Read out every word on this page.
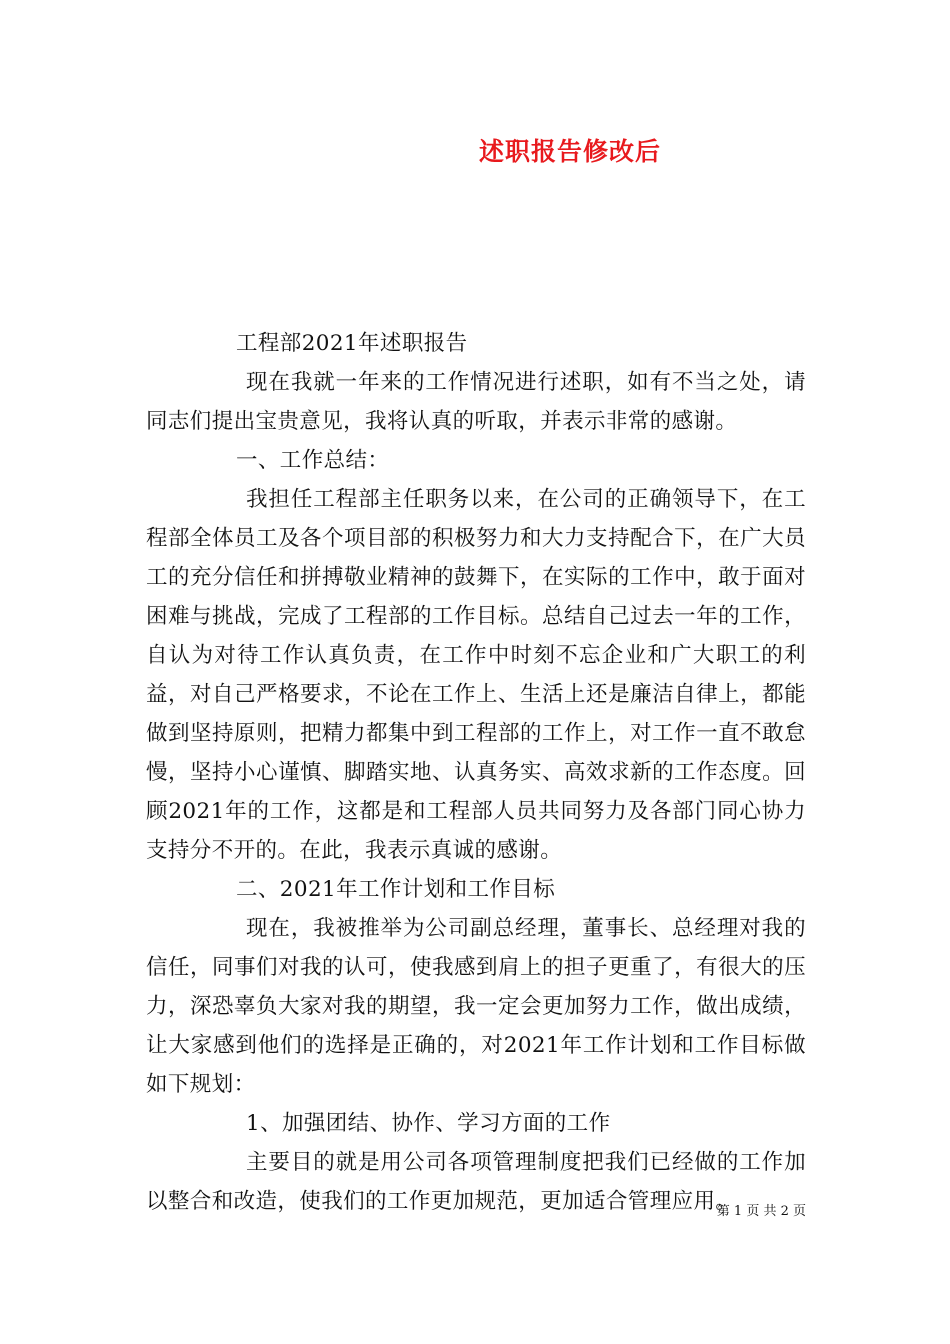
述职报告修改后

工程部2021年述职报告

现在我就一年来的工作情况进行述职，如有不当之处，请同志们提出宝贵意见，我将认真的听取，并表示非常的感谢。

一、工作总结：

我担任工程部主任职务以来，在公司的正确领导下，在工程部全体员工及各个项目部的积极努力和大力支持配合下，在广大员工的充分信任和拼搏敬业精神的鼓舞下，在实际的工作中，敢于面对困难与挑战，完成了工程部的工作目标。总结自己过去一年的工作，自认为对待工作认真负责，在工作中时刻不忘企业和广大职工的利益，对自己严格要求，不论在工作上、生活上还是廉洁自律上，都能做到坚持原则，把精力都集中到工程部的工作上，对工作一直不敢怠慢，坚持小心谨慎、脚踏实地、认真务实、高效求新的工作态度。回顾2021年的工作，这都是和工程部人员共同努力及各部门同心协力支持分不开的。在此，我表示真诚的感谢。

二、2021年工作计划和工作目标

现在，我被推举为公司副总经理，董事长、总经理对我的信任，同事们对我的认可，使我感到肩上的担子更重了，有很大的压力，深恐辜负大家对我的期望，我一定会更加努力工作，做出成绩，让大家感到他们的选择是正确的，对2021年工作计划和工作目标做如下规划：

1、加强团结、协作、学习方面的工作

主要目的就是用公司各项管理制度把我们已经做的工作加以整合和改造，使我们的工作更加规范，更加适合管理应用。

第 1 页 共 2 页
